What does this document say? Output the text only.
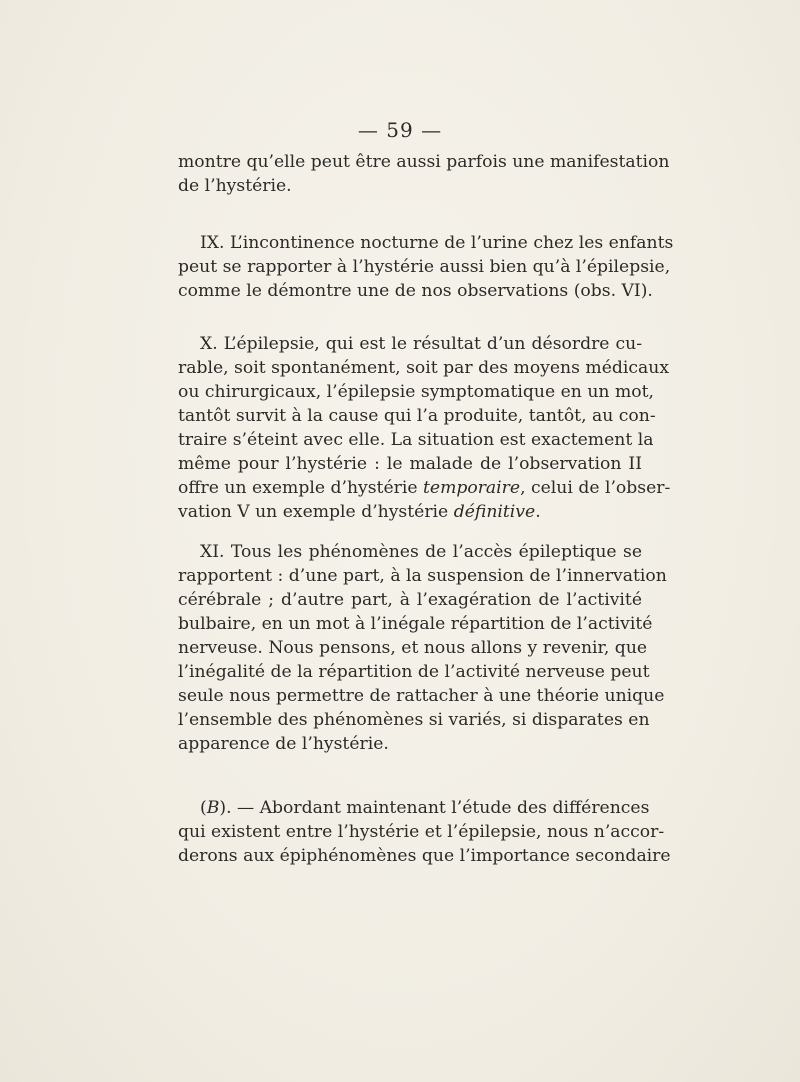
— 59 —
montre qu’elle peut être aussi parfois une manifestation
de l’hystérie.
IX. L’incontinence nocturne de l’urine chez les enfants
peut se rapporter à l’hystérie aussi bien qu’à l’épilepsie,
comme le démontre une de nos observations (obs. VI).
X. L’épilepsie, qui est le résultat d’un désordre cu-
rable, soit spontanément, soit par des moyens médicaux
ou chirurgicaux, l’épilepsie symptomatique en un mot,
tantôt survit à la cause qui l’a produite, tantôt, au con-
traire s’éteint avec elle. La situation est exactement la
même pour l’hystérie : le malade de l’observation II
offre un exemple d’hystérie temporaire, celui de l’obser-
vation V un exemple d’hystérie définitive.
XI. Tous les phénomènes de l’accès épileptique se
rapportent : d’une part, à la suspension de l’innervation
cérébrale ; d’autre part, à l’exagération de l’activité
bulbaire, en un mot à l’inégale répartition de l’activité
nerveuse. Nous pensons, et nous allons y revenir, que
l’inégalité de la répartition de l’activité nerveuse peut
seule nous permettre de rattacher à une théorie unique
l’ensemble des phénomènes si variés, si disparates en
apparence de l’hystérie.
(B). — Abordant maintenant l’étude des différences
qui existent entre l’hystérie et l’épilepsie, nous n’accor-
derons aux épiphénomènes que l’importance secondaire
